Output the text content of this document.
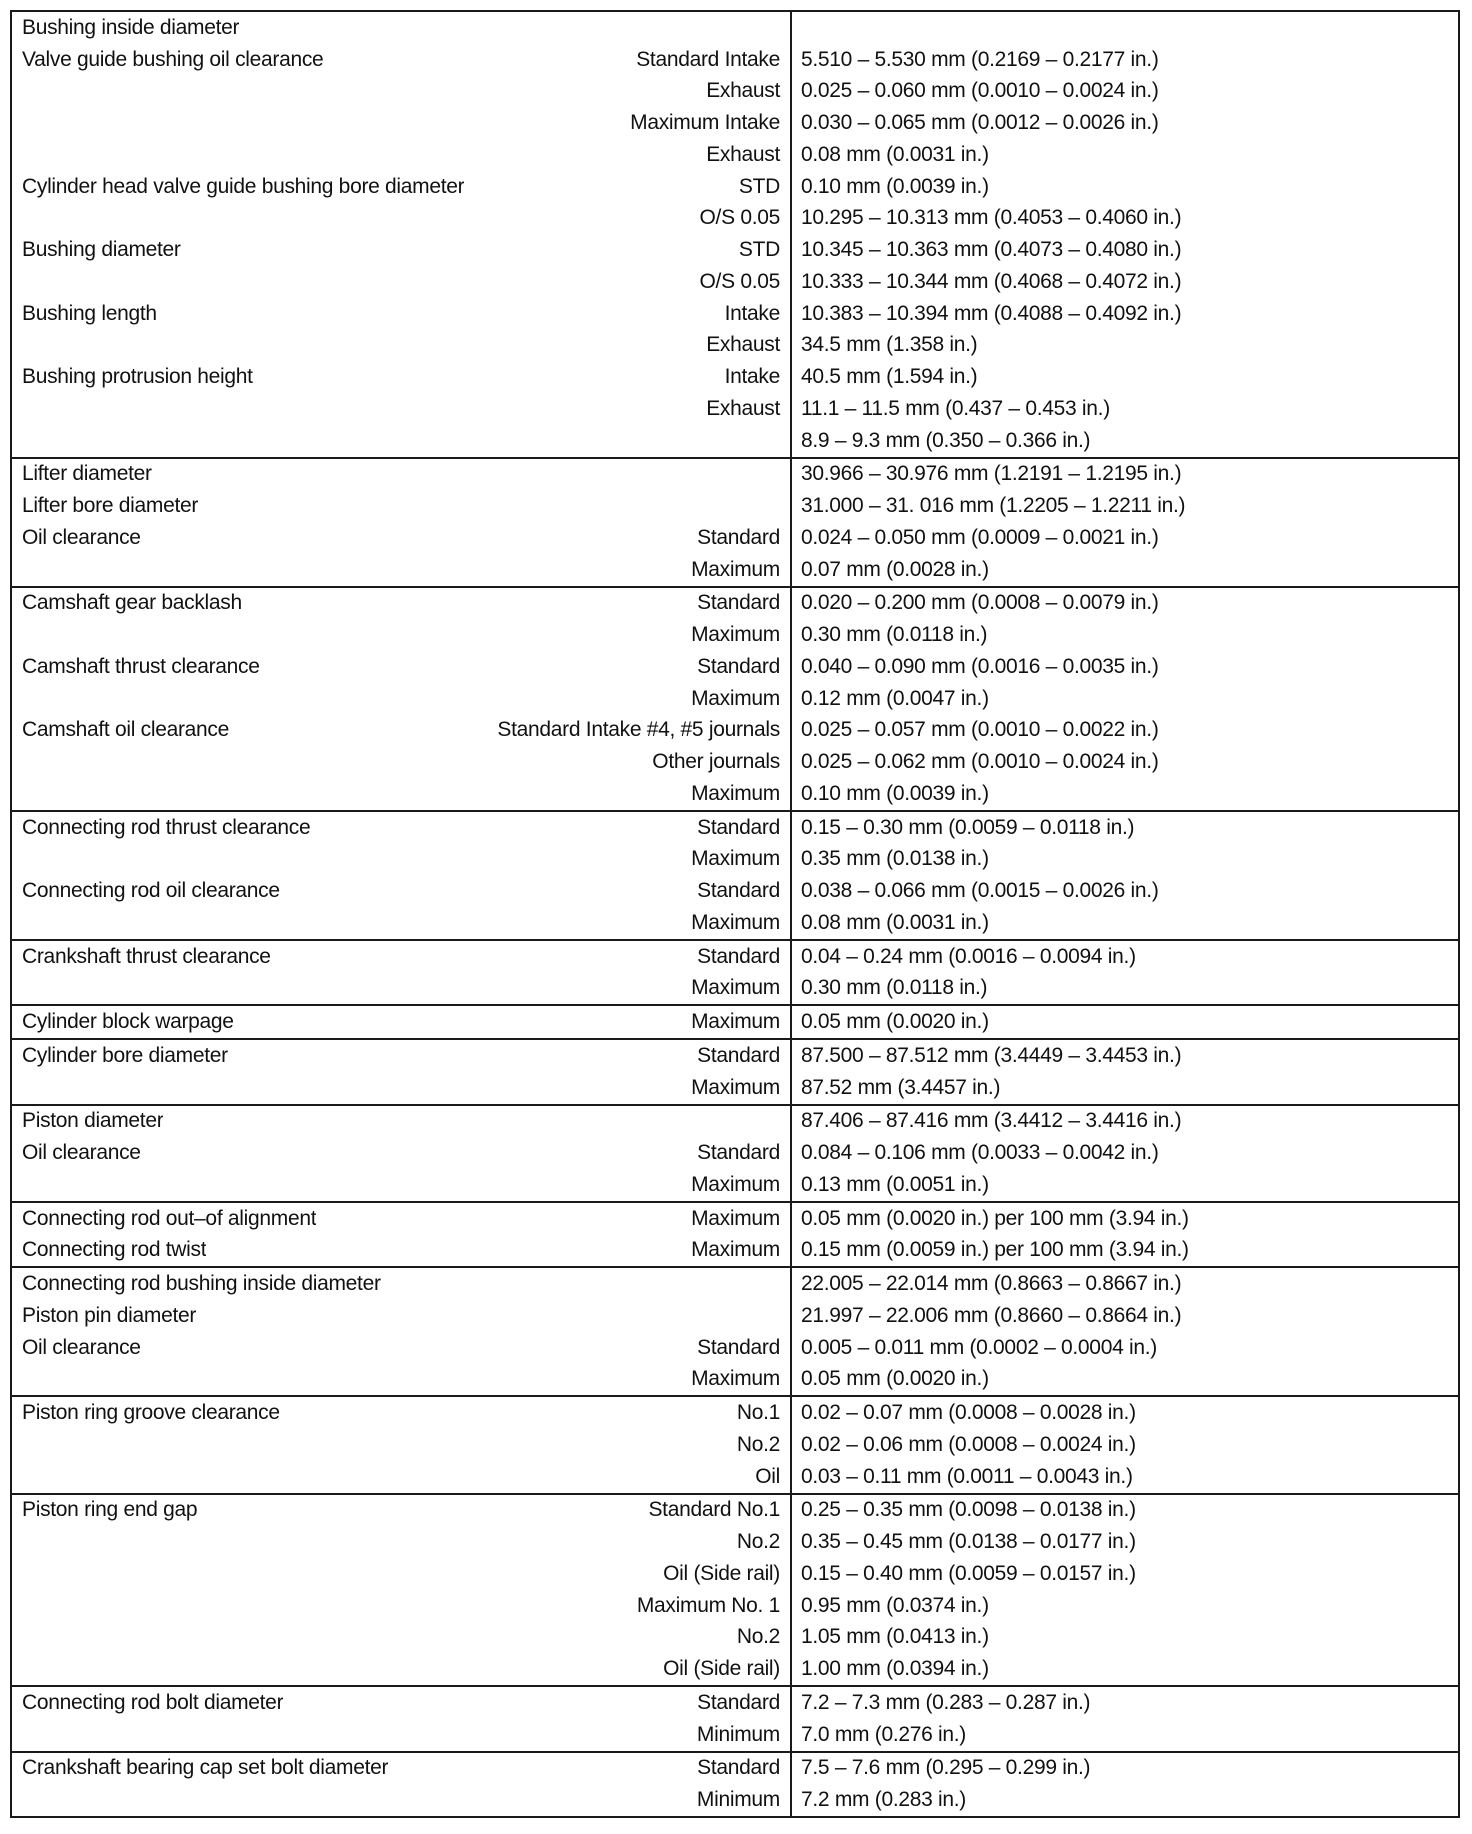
Bushing inside diameter
Valve guide bushing oil clearance	Standard Intake	5.510 – 5.530 mm (0.2169 – 0.2177 in.)
Exhaust	0.025 – 0.060 mm (0.0010 – 0.0024 in.)
Maximum Intake	0.030 – 0.065 mm (0.0012 – 0.0026 in.)
Exhaust	0.08 mm (0.0031 in.)
Cylinder head valve guide bushing bore diameter	STD	0.10 mm (0.0039 in.)
O/S 0.05	10.295 – 10.313 mm (0.4053 – 0.4060 in.)
Bushing diameter	STD	10.345 – 10.363 mm (0.4073 – 0.4080 in.)
O/S 0.05	10.333 – 10.344 mm (0.4068 – 0.4072 in.)
Bushing length	Intake	10.383 – 10.394 mm (0.4088 – 0.4092 in.)
Exhaust	34.5 mm (1.358 in.)
Bushing protrusion height	Intake	40.5 mm (1.594 in.)
Exhaust	11.1 – 11.5 mm (0.437 – 0.453 in.)
8.9 – 9.3 mm (0.350 – 0.366 in.)
Lifter diameter	30.966 – 30.976 mm (1.2191 – 1.2195 in.)
Lifter bore diameter	31.000 – 31. 016 mm (1.2205 – 1.2211 in.)
Oil clearance	Standard	0.024 – 0.050 mm (0.0009 – 0.0021 in.)
Maximum	0.07 mm (0.0028 in.)
Camshaft gear backlash	Standard	0.020 – 0.200 mm (0.0008 – 0.0079 in.)
Maximum	0.30 mm (0.0118 in.)
Camshaft thrust clearance	Standard	0.040 – 0.090 mm (0.0016 – 0.0035 in.)
Maximum	0.12 mm (0.0047 in.)
Camshaft oil clearance	Standard Intake #4, #5 journals	0.025 – 0.057 mm (0.0010 – 0.0022 in.)
Other journals	0.025 – 0.062 mm (0.0010 – 0.0024 in.)
Maximum	0.10 mm (0.0039 in.)
Connecting rod thrust clearance	Standard	0.15 – 0.30 mm (0.0059 – 0.0118 in.)
Maximum	0.35 mm (0.0138 in.)
Connecting rod oil clearance	Standard	0.038 – 0.066 mm (0.0015 – 0.0026 in.)
Maximum	0.08 mm (0.0031 in.)
Crankshaft thrust clearance	Standard	0.04 – 0.24 mm (0.0016 – 0.0094 in.)
Maximum	0.30 mm (0.0118 in.)
Cylinder block warpage	Maximum	0.05 mm (0.0020 in.)
Cylinder bore diameter	Standard	87.500 – 87.512 mm (3.4449 – 3.4453 in.)
Maximum	87.52 mm (3.4457 in.)
Piston diameter	87.406 – 87.416 mm (3.4412 – 3.4416 in.)
Oil clearance	Standard	0.084 – 0.106 mm (0.0033 – 0.0042 in.)
Maximum	0.13 mm (0.0051 in.)
Connecting rod out–of alignment	Maximum	0.05 mm (0.0020 in.) per 100 mm (3.94 in.)
Connecting rod twist	Maximum	0.15 mm (0.0059 in.) per 100 mm (3.94 in.)
Connecting rod bushing inside diameter	22.005 – 22.014 mm (0.8663 – 0.8667 in.)
Piston pin diameter	21.997 – 22.006 mm (0.8660 – 0.8664 in.)
Oil clearance	Standard	0.005 – 0.011 mm (0.0002 – 0.0004 in.)
Maximum	0.05 mm (0.0020 in.)
Piston ring groove clearance	No.1	0.02 – 0.07 mm (0.0008 – 0.0028 in.)
No.2	0.02 – 0.06 mm (0.0008 – 0.0024 in.)
Oil	0.03 – 0.11 mm (0.0011 – 0.0043 in.)
Piston ring end gap	Standard No.1	0.25 – 0.35 mm (0.0098 – 0.0138 in.)
No.2	0.35 – 0.45 mm (0.0138 – 0.0177 in.)
Oil (Side rail)	0.15 – 0.40 mm (0.0059 – 0.0157 in.)
Maximum No. 1	0.95 mm (0.0374 in.)
No.2	1.05 mm (0.0413 in.)
Oil (Side rail)	1.00 mm (0.0394 in.)
Connecting rod bolt diameter	Standard	7.2 – 7.3 mm (0.283 – 0.287 in.)
Minimum	7.0 mm (0.276 in.)
Crankshaft bearing cap set bolt diameter	Standard	7.5 – 7.6 mm (0.295 – 0.299 in.)
Minimum	7.2 mm (0.283 in.)
